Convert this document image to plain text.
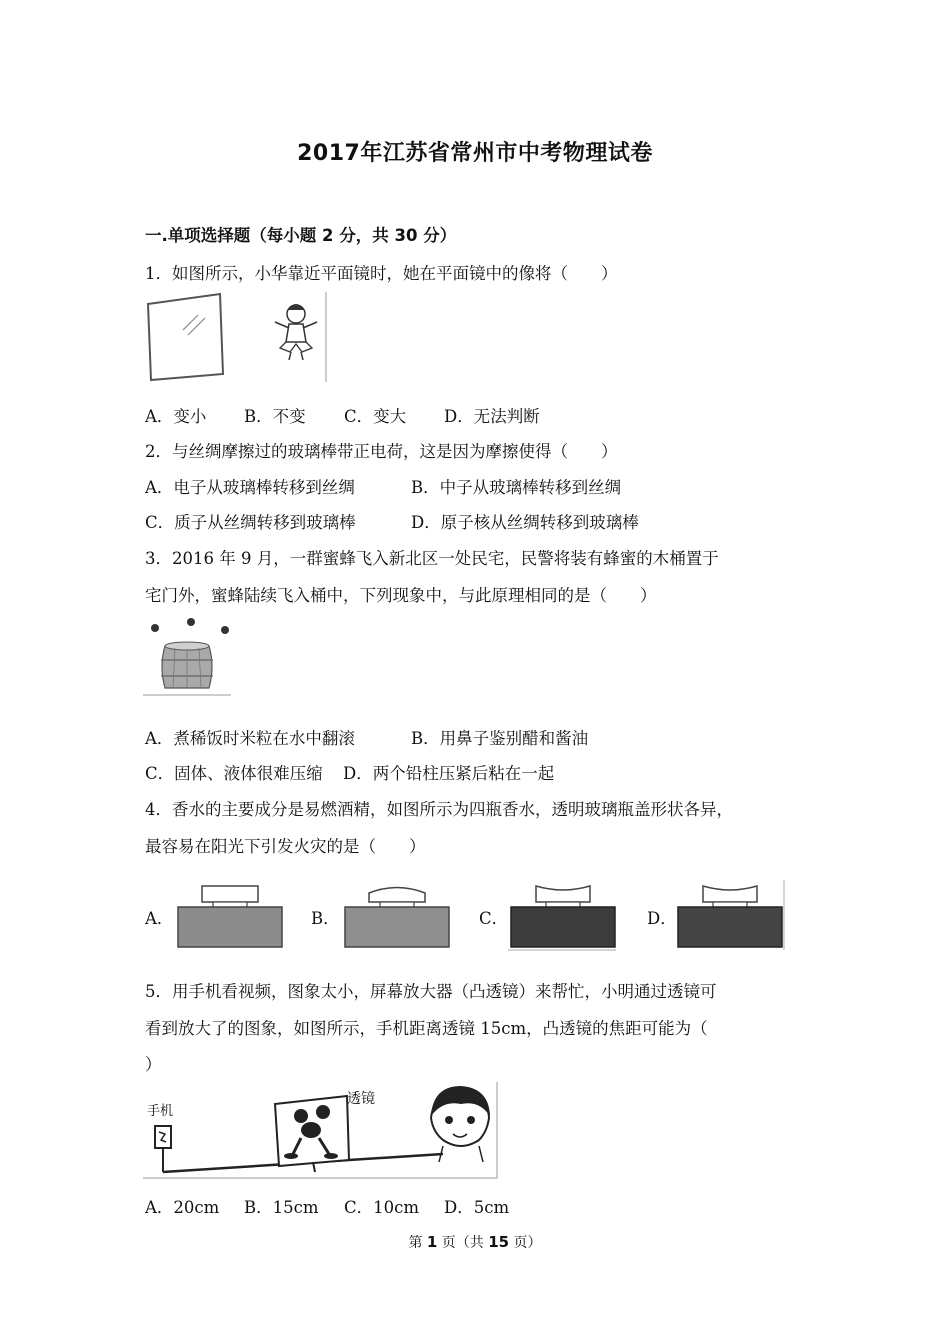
2017年江苏省常州市中考物理试卷
一.单项选择题（每小题 2 分，共 30 分）
1．如图所示，小华靠近平面镜时，她在平面镜中的像将（　　）
A．变小 B．不变 C．变大 D．无法判断
2．与丝绸摩擦过的玻璃棒带正电荷，这是因为摩擦使得（　　）
A．电子从玻璃棒转移到丝绸	B．中子从玻璃棒转移到丝绸
C．质子从丝绸转移到玻璃棒	D．原子核从丝绸转移到玻璃棒
3．2016 年 9 月，一群蜜蜂飞入新北区一处民宅，民警将装有蜂蜜的木桶置于
宅门外，蜜蜂陆续飞入桶中，下列现象中，与此原理相同的是（　　）
A．煮稀饭时米粒在水中翻滚	B．用鼻子鉴别醋和酱油
C．固体、液体很难压缩 D．两个铅柱压紧后粘在一起
4．香水的主要成分是易燃酒精，如图所示为四瓶香水，透明玻璃瓶盖形状各异，
最容易在阳光下引发火灾的是（　　）
A．	B．	C．	D．
5．用手机看视频，图象太小，屏幕放大器（凸透镜）来帮忙，小明通过透镜可
看到放大了的图象，如图所示，手机距离透镜 15cm，凸透镜的焦距可能为（
）
手机
透镜
A．20cm B．15cm C．10cm D．5cm
第 1 页（共 15 页）
